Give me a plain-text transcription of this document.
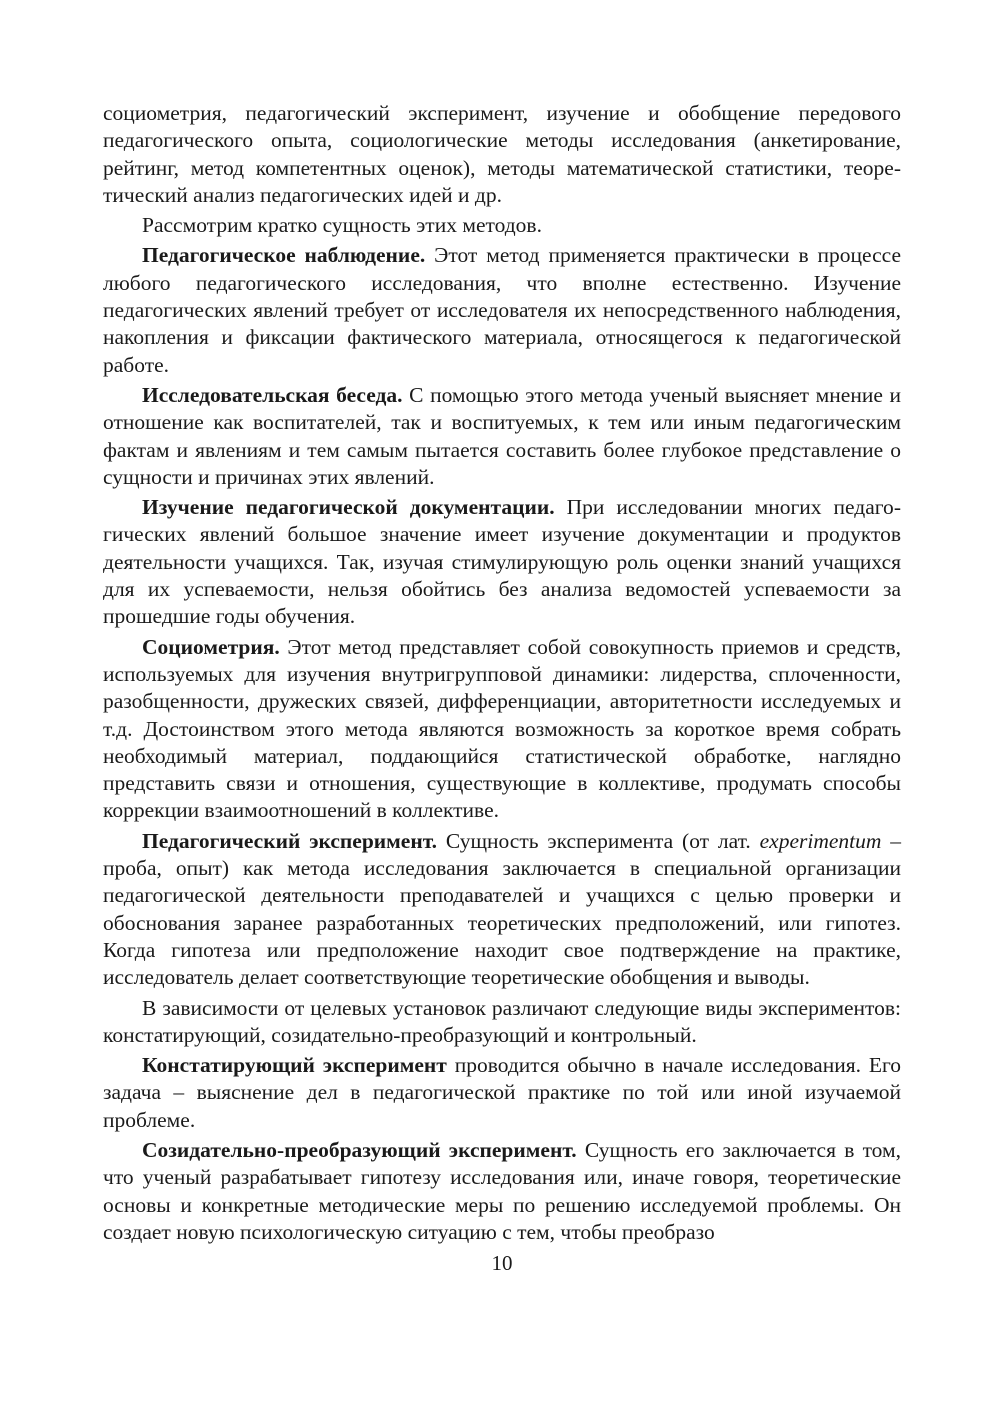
социометрия, педагогический эксперимент, изучение и обобщение передового педагогического опыта, социологические методы исследования (анкетирование, рейтинг, метод компетентных оценок), методы математической статистики, теоретический анализ педагогических идей и др.

Рассмотрим кратко сущность этих методов.

Педагогическое наблюдение. Этот метод применяется практически в процессе любого педагогического исследования, что вполне естественно. Изучение педагогических явлений требует от исследователя их непосредственного наблюдения, накопления и фиксации фактического материала, относящегося к педагогической работе.

Исследовательская беседа. С помощью этого метода ученый выясняет мнение и отношение как воспитателей, так и воспитуемых, к тем или иным педагогическим фактам и явлениям и тем самым пытается составить более глубокое представление о сущности и причинах этих явлений.

Изучение педагогической документации. При исследовании многих педагогических явлений большое значение имеет изучение документации и продуктов деятельности учащихся. Так, изучая стимулирующую роль оценки знаний учащихся для их успеваемости, нельзя обойтись без анализа ведомостей успеваемости за прошедшие годы обучения.

Социометрия. Этот метод представляет собой совокупность приемов и средств, используемых для изучения внутригрупповой динамики: лидерства, сплоченности, разобщенности, дружеских связей, дифференциации, авторитетности исследуемых и т.д. Достоинством этого метода являются возможность за короткое время собрать необходимый материал, поддающийся статистической обработке, наглядно представить связи и отношения, существующие в коллективе, продумать способы коррекции взаимоотношений в коллективе.

Педагогический эксперимент. Сущность эксперимента (от лат. experimentum – проба, опыт) как метода исследования заключается в специальной организации педагогической деятельности преподавателей и учащихся с целью проверки и обоснования заранее разработанных теоретических предположений, или гипотез. Когда гипотеза или предположение находит свое подтверждение на практике, исследователь делает соответствующие теоретические обобщения и выводы.

В зависимости от целевых установок различают следующие виды экспериментов: констатирующий, созидательно-преобразующий и контрольный.

Констатирующий эксперимент проводится обычно в начале исследования. Его задача – выяснение дел в педагогической практике по той или иной изучаемой проблеме.

Созидательно-преобразующий эксперимент. Сущность его заключается в том, что ученый разрабатывает гипотезу исследования или, иначе говоря, теоретические основы и конкретные методические меры по решению исследуемой проблемы. Он создает новую психологическую ситуацию с тем, чтобы преобразо

10
